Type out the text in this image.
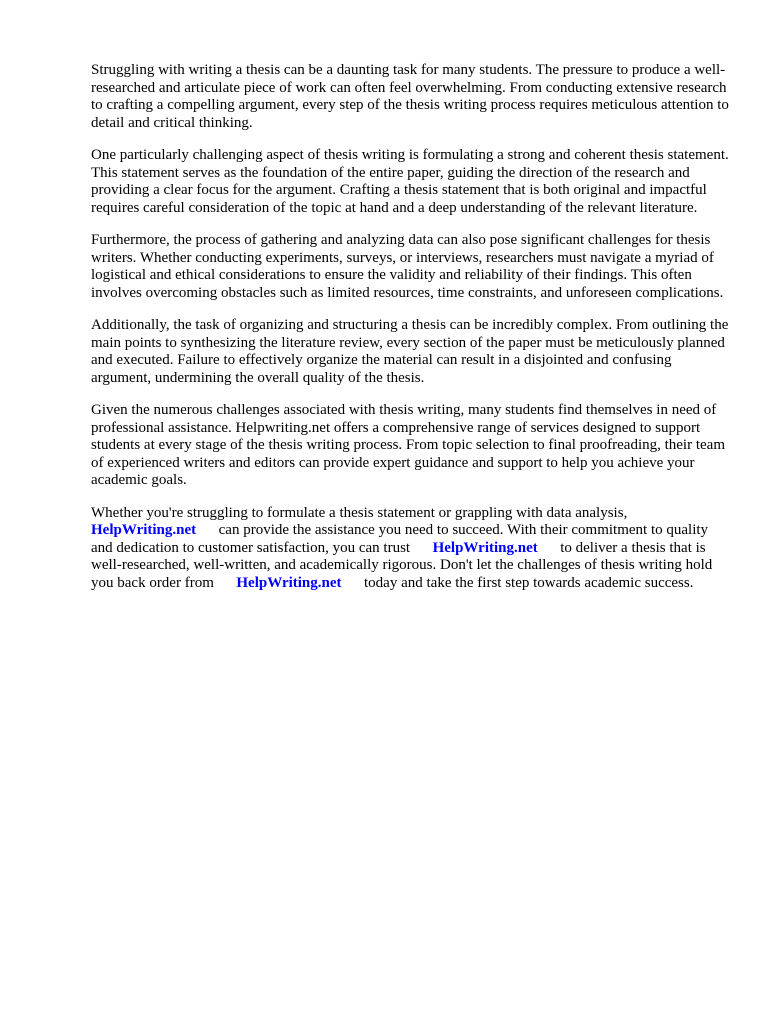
Struggling with writing a thesis can be a daunting task for many students. The pressure to produce a well-researched and articulate piece of work can often feel overwhelming. From conducting extensive research to crafting a compelling argument, every step of the thesis writing process requires meticulous attention to detail and critical thinking.

One particularly challenging aspect of thesis writing is formulating a strong and coherent thesis statement. This statement serves as the foundation of the entire paper, guiding the direction of the research and providing a clear focus for the argument. Crafting a thesis statement that is both original and impactful requires careful consideration of the topic at hand and a deep understanding of the relevant literature.

Furthermore, the process of gathering and analyzing data can also pose significant challenges for thesis writers. Whether conducting experiments, surveys, or interviews, researchers must navigate a myriad of logistical and ethical considerations to ensure the validity and reliability of their findings. This often involves overcoming obstacles such as limited resources, time constraints, and unforeseen complications.

Additionally, the task of organizing and structuring a thesis can be incredibly complex. From outlining the main points to synthesizing the literature review, every section of the paper must be meticulously planned and executed. Failure to effectively organize the material can result in a disjointed and confusing argument, undermining the overall quality of the thesis.

Given the numerous challenges associated with thesis writing, many students find themselves in need of professional assistance. Helpwriting.net offers a comprehensive range of services designed to support students at every stage of the thesis writing process. From topic selection to final proofreading, their team of experienced writers and editors can provide expert guidance and support to help you achieve your academic goals.

Whether you're struggling to formulate a thesis statement or grappling with data analysis, HelpWriting.net can provide the assistance you need to succeed. With their commitment to quality and dedication to customer satisfaction, you can trust HelpWriting.net to deliver a thesis that is well-researched, well-written, and academically rigorous. Don't let the challenges of thesis writing hold you back order from HelpWriting.net today and take the first step towards academic success.
